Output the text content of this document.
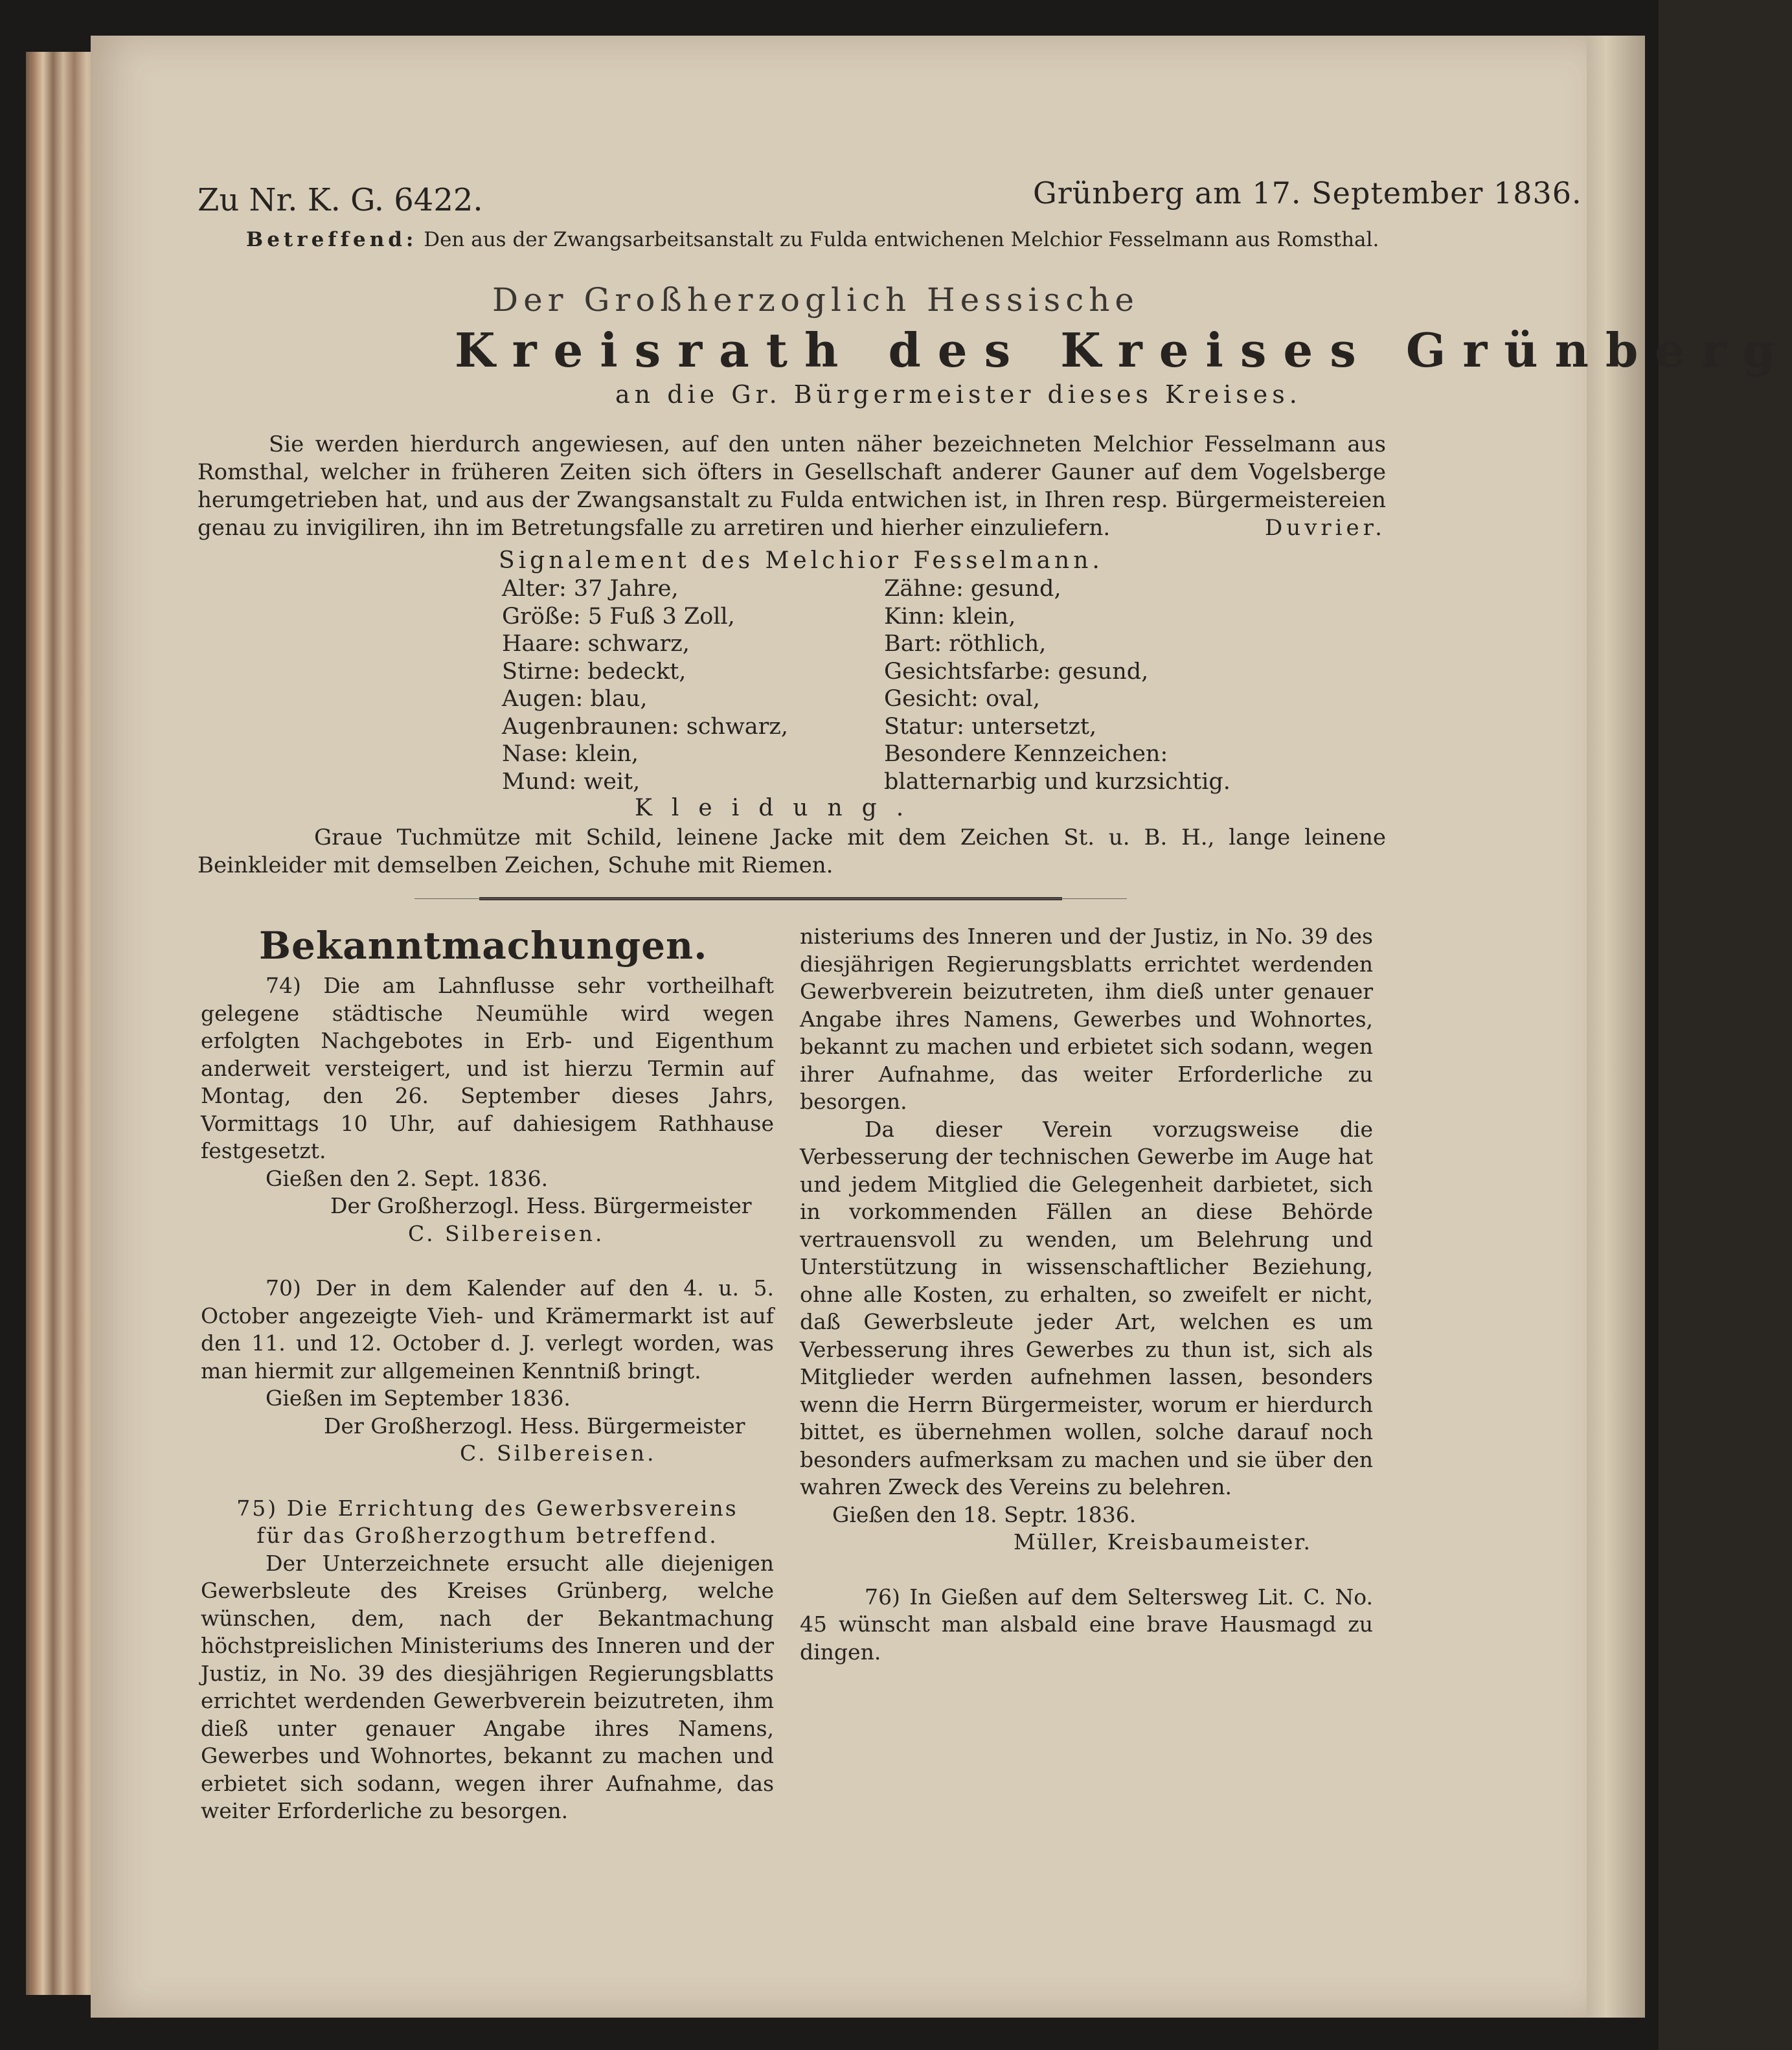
Zu Nr. K. G. 6422.	Grünberg am 17. September 1836.
Betreffend: Den aus der Zwangsarbeitsanstalt zu Fulda entwichenen Melchior Fesselmann aus Romsthal.
Der Großherzoglich Hessische
Kreisrath des Kreises Grünberg
an die Gr. Bürgermeister dieses Kreises.

Sie werden hierdurch angewiesen, auf den unten näher bezeichneten Melchior Fesselmann aus Romsthal, welcher in früheren Zeiten sich öfters in Gesellschaft anderer Gauner auf dem Vogelsberge herumgetrieben hat, und aus der Zwangsanstalt zu Fulda entwichen ist, in Ihren resp. Bürgermeistereien genau zu invigiliren, ihn im Betretungsfalle zu arretiren und hierher einzuliefern.	Duvrier.

Signalement des Melchior Fesselmann.
Alter: 37 Jahre,
Größe: 5 Fuß 3 Zoll,
Haare: schwarz,
Stirne: bedeckt,
Augen: blau,
Augenbraunen: schwarz,
Nase: klein,
Mund: weit,
Zähne: gesund,
Kinn: klein,
Bart: röthlich,
Gesichtsfarbe: gesund,
Gesicht: oval,
Statur: untersetzt,
Besondere Kennzeichen:
blatternarbig und kurzsichtig.
Kleidung.

Graue Tuchmütze mit Schild, leinene Jacke mit dem Zeichen St. u. B. H., lange leinene Beinkleider mit demselben Zeichen, Schuhe mit Riemen.

Bekanntmachungen.

74) Die am Lahnflusse sehr vortheilhaft gelegene städtische Neumühle wird wegen erfolgten Nachgebotes in Erb- und Eigenthum anderweit versteigert, und ist hierzu Termin auf Montag, den 26. September dieses Jahrs, Vormittags 10 Uhr, auf dahiesigem Rathhause festgesetzt.

Gießen den 2. Sept. 1836.

Der Großherzogl. Hess. Bürgermeister

C. Silbereisen.

70) Der in dem Kalender auf den 4. u. 5. October angezeigte Vieh- und Krämermarkt ist auf den 11. und 12. October d. J. verlegt worden, was man hiermit zur allgemeinen Kenntniß bringt.

Gießen im September 1836.

Der Großherzogl. Hess. Bürgermeister

C. Silbereisen.

75) Die Errichtung des Gewerbsvereins

für das Großherzogthum betreffend.

Der Unterzeichnete ersucht alle diejenigen Gewerbsleute des Kreises Grünberg, welche wünschen, dem, nach der Bekantmachung höchstpreislichen Ministeriums des Inneren und der Justiz, in No. 39 des diesjährigen Regierungsblatts errichtet werdenden Gewerbverein beizutreten, ihm dieß unter genauer Angabe ihres Namens, Gewerbes und Wohnortes, bekannt zu machen und erbietet sich sodann, wegen ihrer Aufnahme, das weiter Erforderliche zu besorgen.

nisteriums des Inneren und der Justiz, in No. 39 des diesjährigen Regierungsblatts errichtet werdenden Gewerbverein beizutreten, ihm dieß unter genauer Angabe ihres Namens, Gewerbes und Wohnortes, bekannt zu machen und erbietet sich sodann, wegen ihrer Aufnahme, das weiter Erforderliche zu besorgen.

Da dieser Verein vorzugsweise die Verbesserung der technischen Gewerbe im Auge hat und jedem Mitglied die Gelegenheit darbietet, sich in vorkommenden Fällen an diese Behörde vertrauensvoll zu wenden, um Belehrung und Unterstützung in wissenschaftlicher Beziehung, ohne alle Kosten, zu erhalten, so zweifelt er nicht, daß Gewerbsleute jeder Art, welchen es um Verbesserung ihres Gewerbes zu thun ist, sich als Mitglieder werden aufnehmen lassen, besonders wenn die Herrn Bürgermeister, worum er hierdurch bittet, es übernehmen wollen, solche darauf noch besonders aufmerksam zu machen und sie über den wahren Zweck des Vereins zu belehren.

Gießen den 18. Septr. 1836.

Müller, Kreisbaumeister.

76) In Gießen auf dem Seltersweg Lit. C. No. 45 wünscht man alsbald eine brave Hausmagd zu dingen.
